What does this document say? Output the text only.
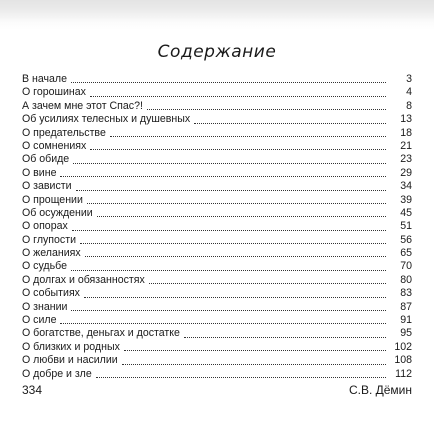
Содержание
В начале	3
О горошинах	4
А зачем мне этот Спас?!	8
Об усилиях телесных и душевных	13
О предательстве	18
О сомнениях	21
Об обиде	23
О вине	29
О зависти	34
О прощении	39
Об осуждении	45
О опорах	51
О глупости	56
О желаниях	65
О судьбе	70
О долгах и обязанностях	80
О событиях	83
О знании	87
О силе	91
О богатстве, деньгах и достатке	95
О близких и родных	102
О любви и насилии	108
О добре и зле	112
334	С.В. Дёмин
